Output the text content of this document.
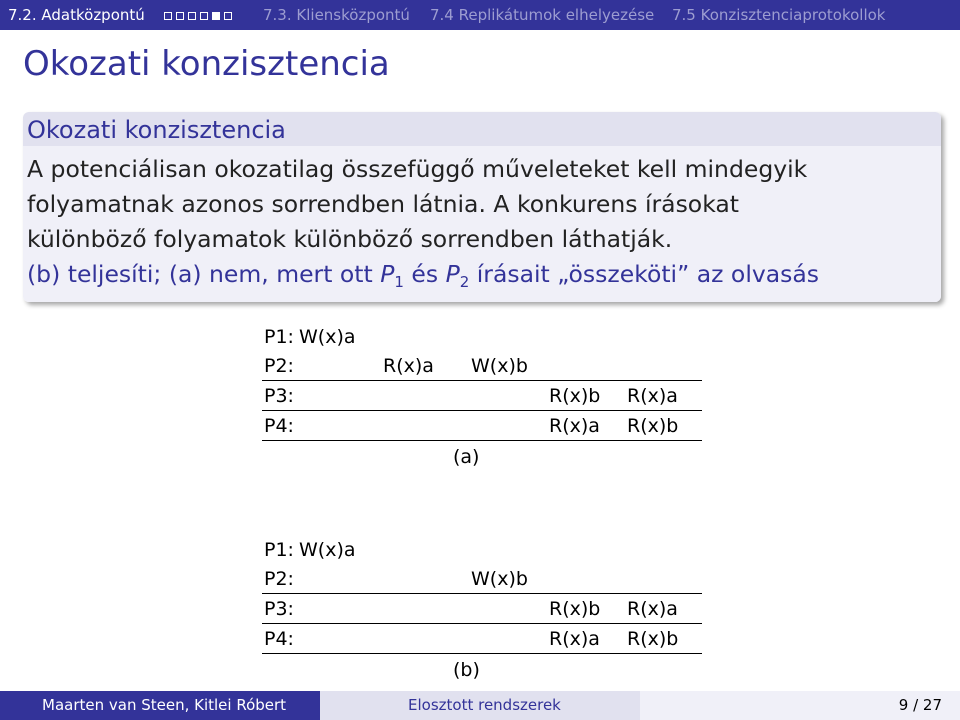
7.2. Adatközpontú	7.3. Kliensközpontú 7.4 Replikátumok elhelyezése 7.5 Konzisztenciaprotokollok
Okozati konzisztencia
Okozati konzisztencia
A potenciálisan okozatilag összefüggő műveleteket kell mindegyik
folyamatnak azonos sorrendben látnia. A konkurens írásokat
különböző folyamatok különböző sorrendben láthatják.
(b) teljesíti; (a) nem, mert ott $P_1$ és $P_2$ írásait „összeköti” az olvasás
P1: W(x)a
P2:	R(x)a W(x)b
P3:	R(x)b R(x)a
P4:	R(x)a R(x)b
(a)
P1: W(x)a
P2:	W(x)b
P3:	R(x)b R(x)a
P4:	R(x)a R(x)b
(b)
Maarten van Steen, Kitlei Róbert	Elosztott rendszerek	9 / 27
